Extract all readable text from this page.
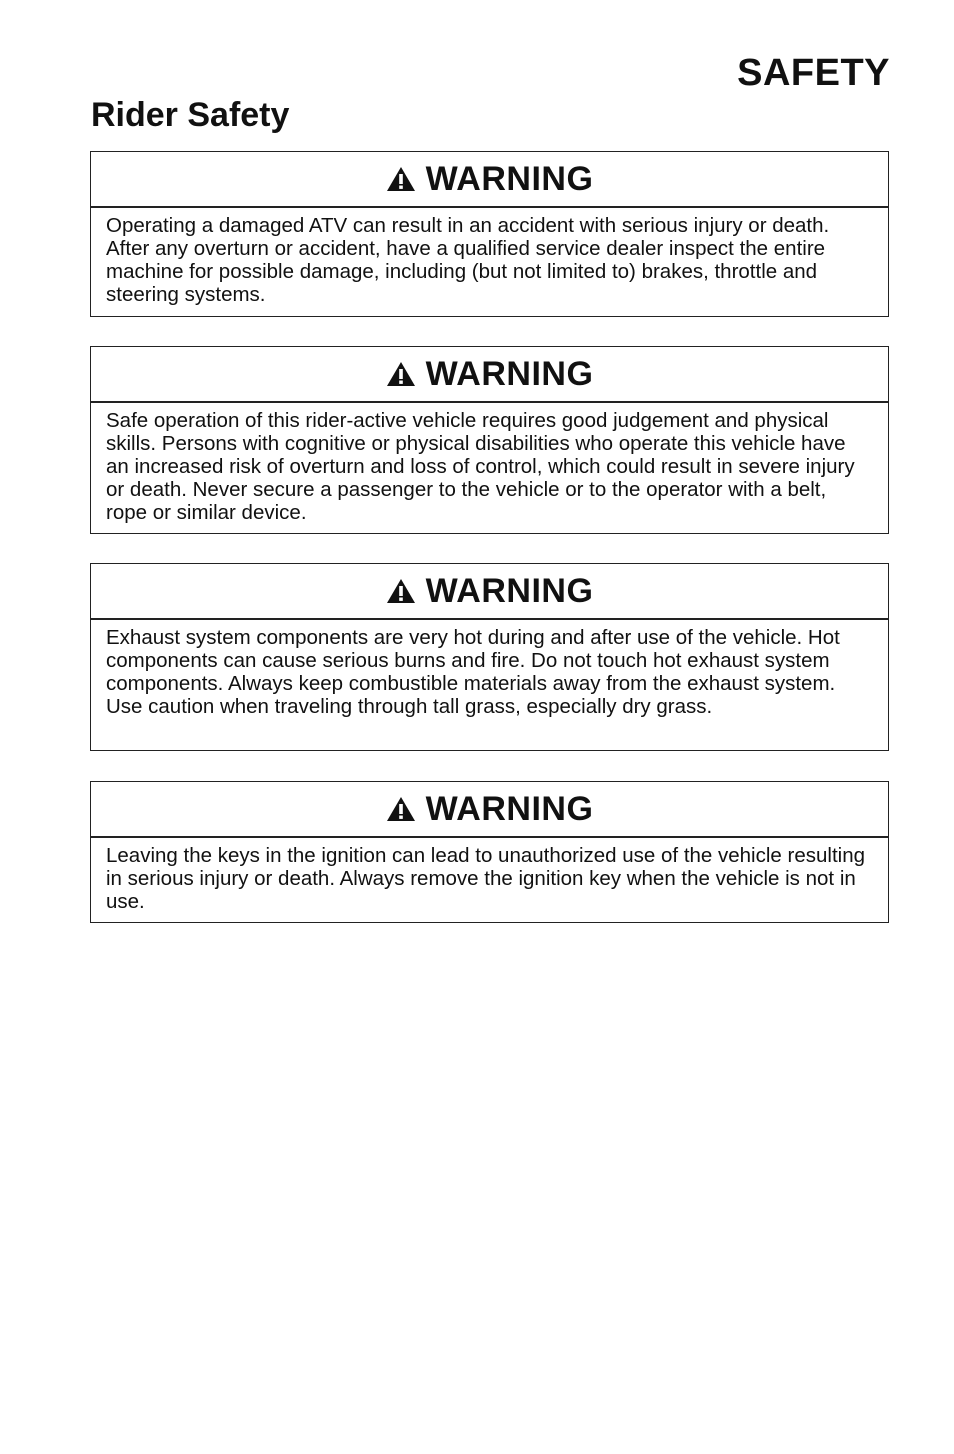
SAFETY
Rider Safety
WARNING

Operating a damaged ATV can result in an accident with serious injury or death. After any overturn or accident, have a qualified service dealer inspect the entire machine for possible damage, including (but not limited to) brakes, throttle and steering systems.

WARNING

Safe operation of this rider-active vehicle requires good judgement and physical skills. Persons with cognitive or physical disabilities who operate this vehicle have an increased risk of overturn and loss of control, which could result in severe injury or death. Never secure a passenger to the vehicle or to the operator with a belt, rope or similar device.

WARNING

Exhaust system components are very hot during and after use of the vehicle. Hot components can cause serious burns and fire. Do not touch hot exhaust system components. Always keep combustible materials away from the exhaust system. Use caution when traveling through tall grass, especially dry grass.

WARNING

Leaving the keys in the ignition can lead to unauthorized use of the vehicle resulting in serious injury or death. Always remove the ignition key when the vehicle is not in use.
